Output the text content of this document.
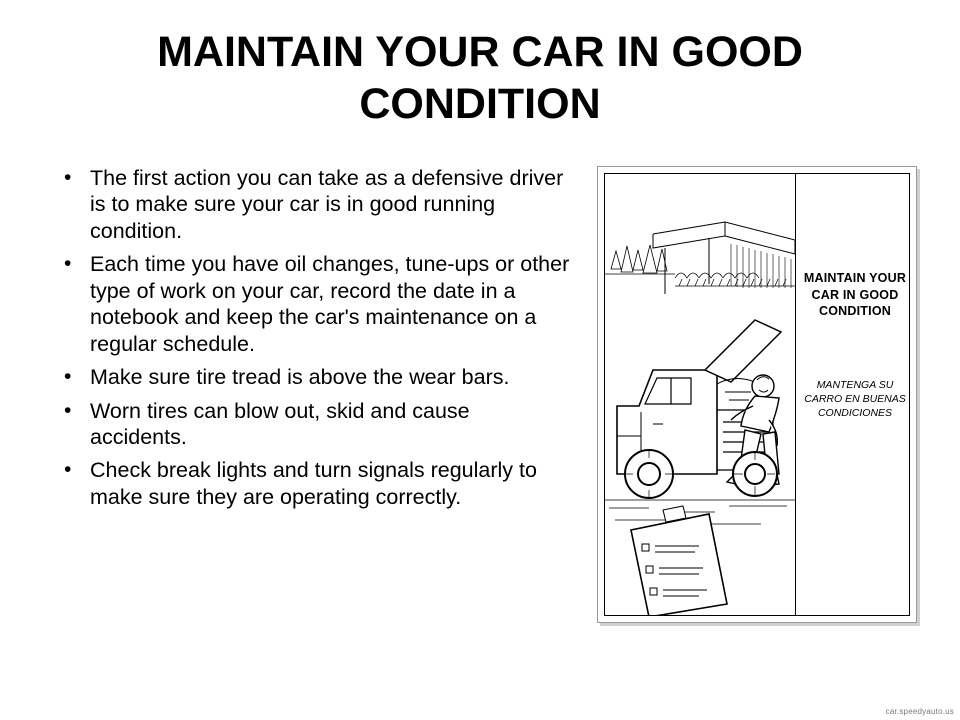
MAINTAIN YOUR CAR IN GOOD CONDITION
• The first action you can take as a defensive driver is to make sure your car is in good running condition.
• Each time you have oil changes, tune-ups or other type of work on your car, record the date in a notebook and keep the car's maintenance on a regular schedule.
• Make sure tire tread is above the wear bars.
• Worn tires can blow out, skid and cause accidents.
• Check break lights and turn signals regularly to make sure they are operating correctly.
MAINTAIN YOUR CAR IN GOOD CONDITION
MANTENGA SU CARRO EN BUENAS CONDICIONES
car.speedyauto.us
